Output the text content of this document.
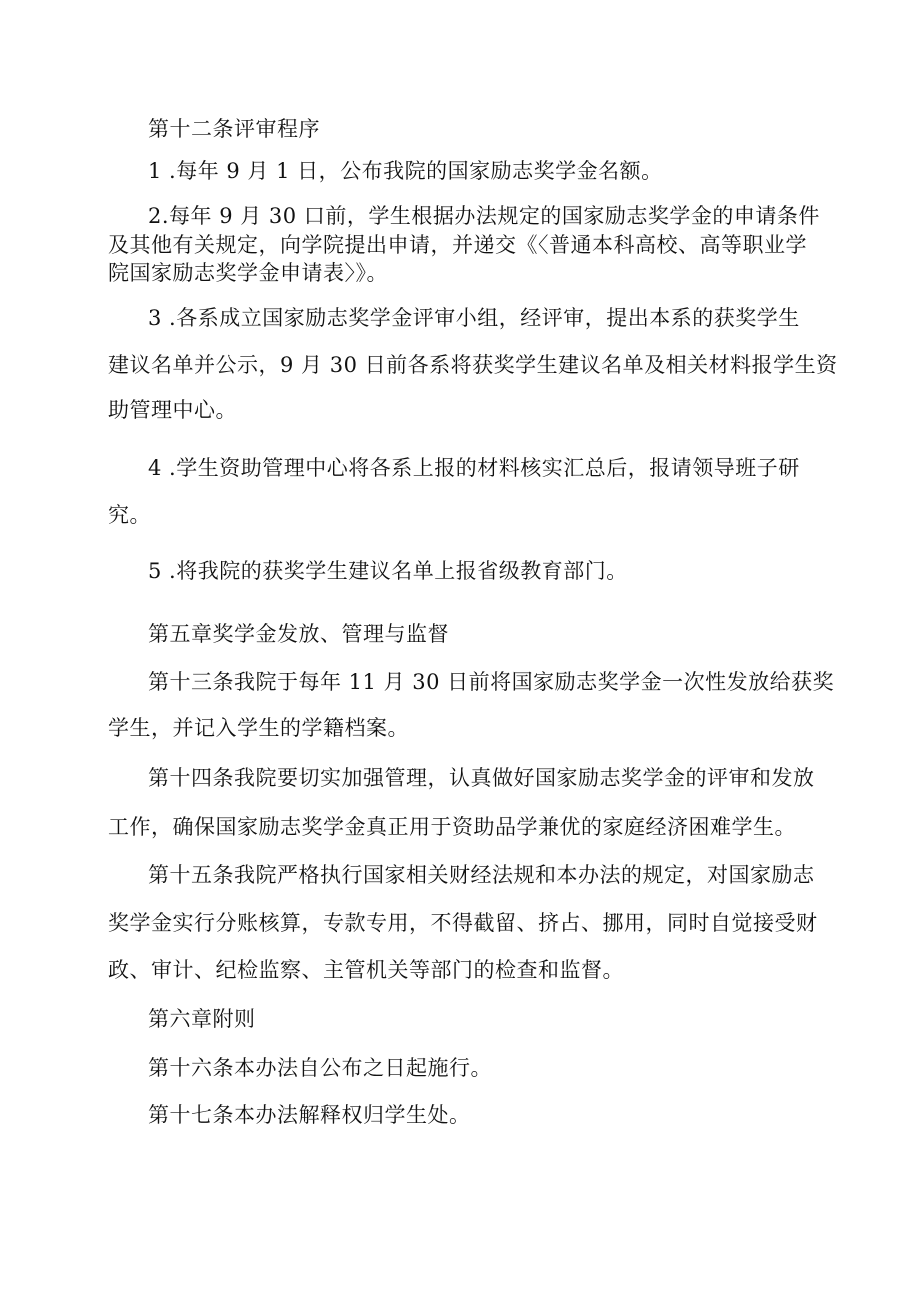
第十二条评审程序

1 .每年 9 月 1 日，公布我院的国家励志奖学金名额。

2.每年 9 月 30 口前，学生根据办法规定的国家励志奖学金的申请条件

及其他有关规定，向学院提出申请，并递交《〈普通本科高校、高等职业学

院国家励志奖学金申请表〉》。

3 .各系成立国家励志奖学金评审小组，经评审，提出本系的获奖学生

建议名单并公示，9 月 30 日前各系将获奖学生建议名单及相关材料报学生资

助管理中心。

4 .学生资助管理中心将各系上报的材料核实汇总后，报请领导班子研

究。

5 .将我院的获奖学生建议名单上报省级教育部门。

第五章奖学金发放、管理与监督

第十三条我院于每年 11 月 30 日前将国家励志奖学金一次性发放给获奖

学生，并记入学生的学籍档案。

第十四条我院要切实加强管理，认真做好国家励志奖学金的评审和发放

工作，确保国家励志奖学金真正用于资助品学兼优的家庭经济困难学生。

第十五条我院严格执行国家相关财经法规和本办法的规定，对国家励志

奖学金实行分账核算，专款专用，不得截留、挤占、挪用，同时自觉接受财

政、审计、纪检监察、主管机关等部门的检查和监督。

第六章附则

第十六条本办法自公布之日起施行。

第十七条本办法解释权归学生处。
